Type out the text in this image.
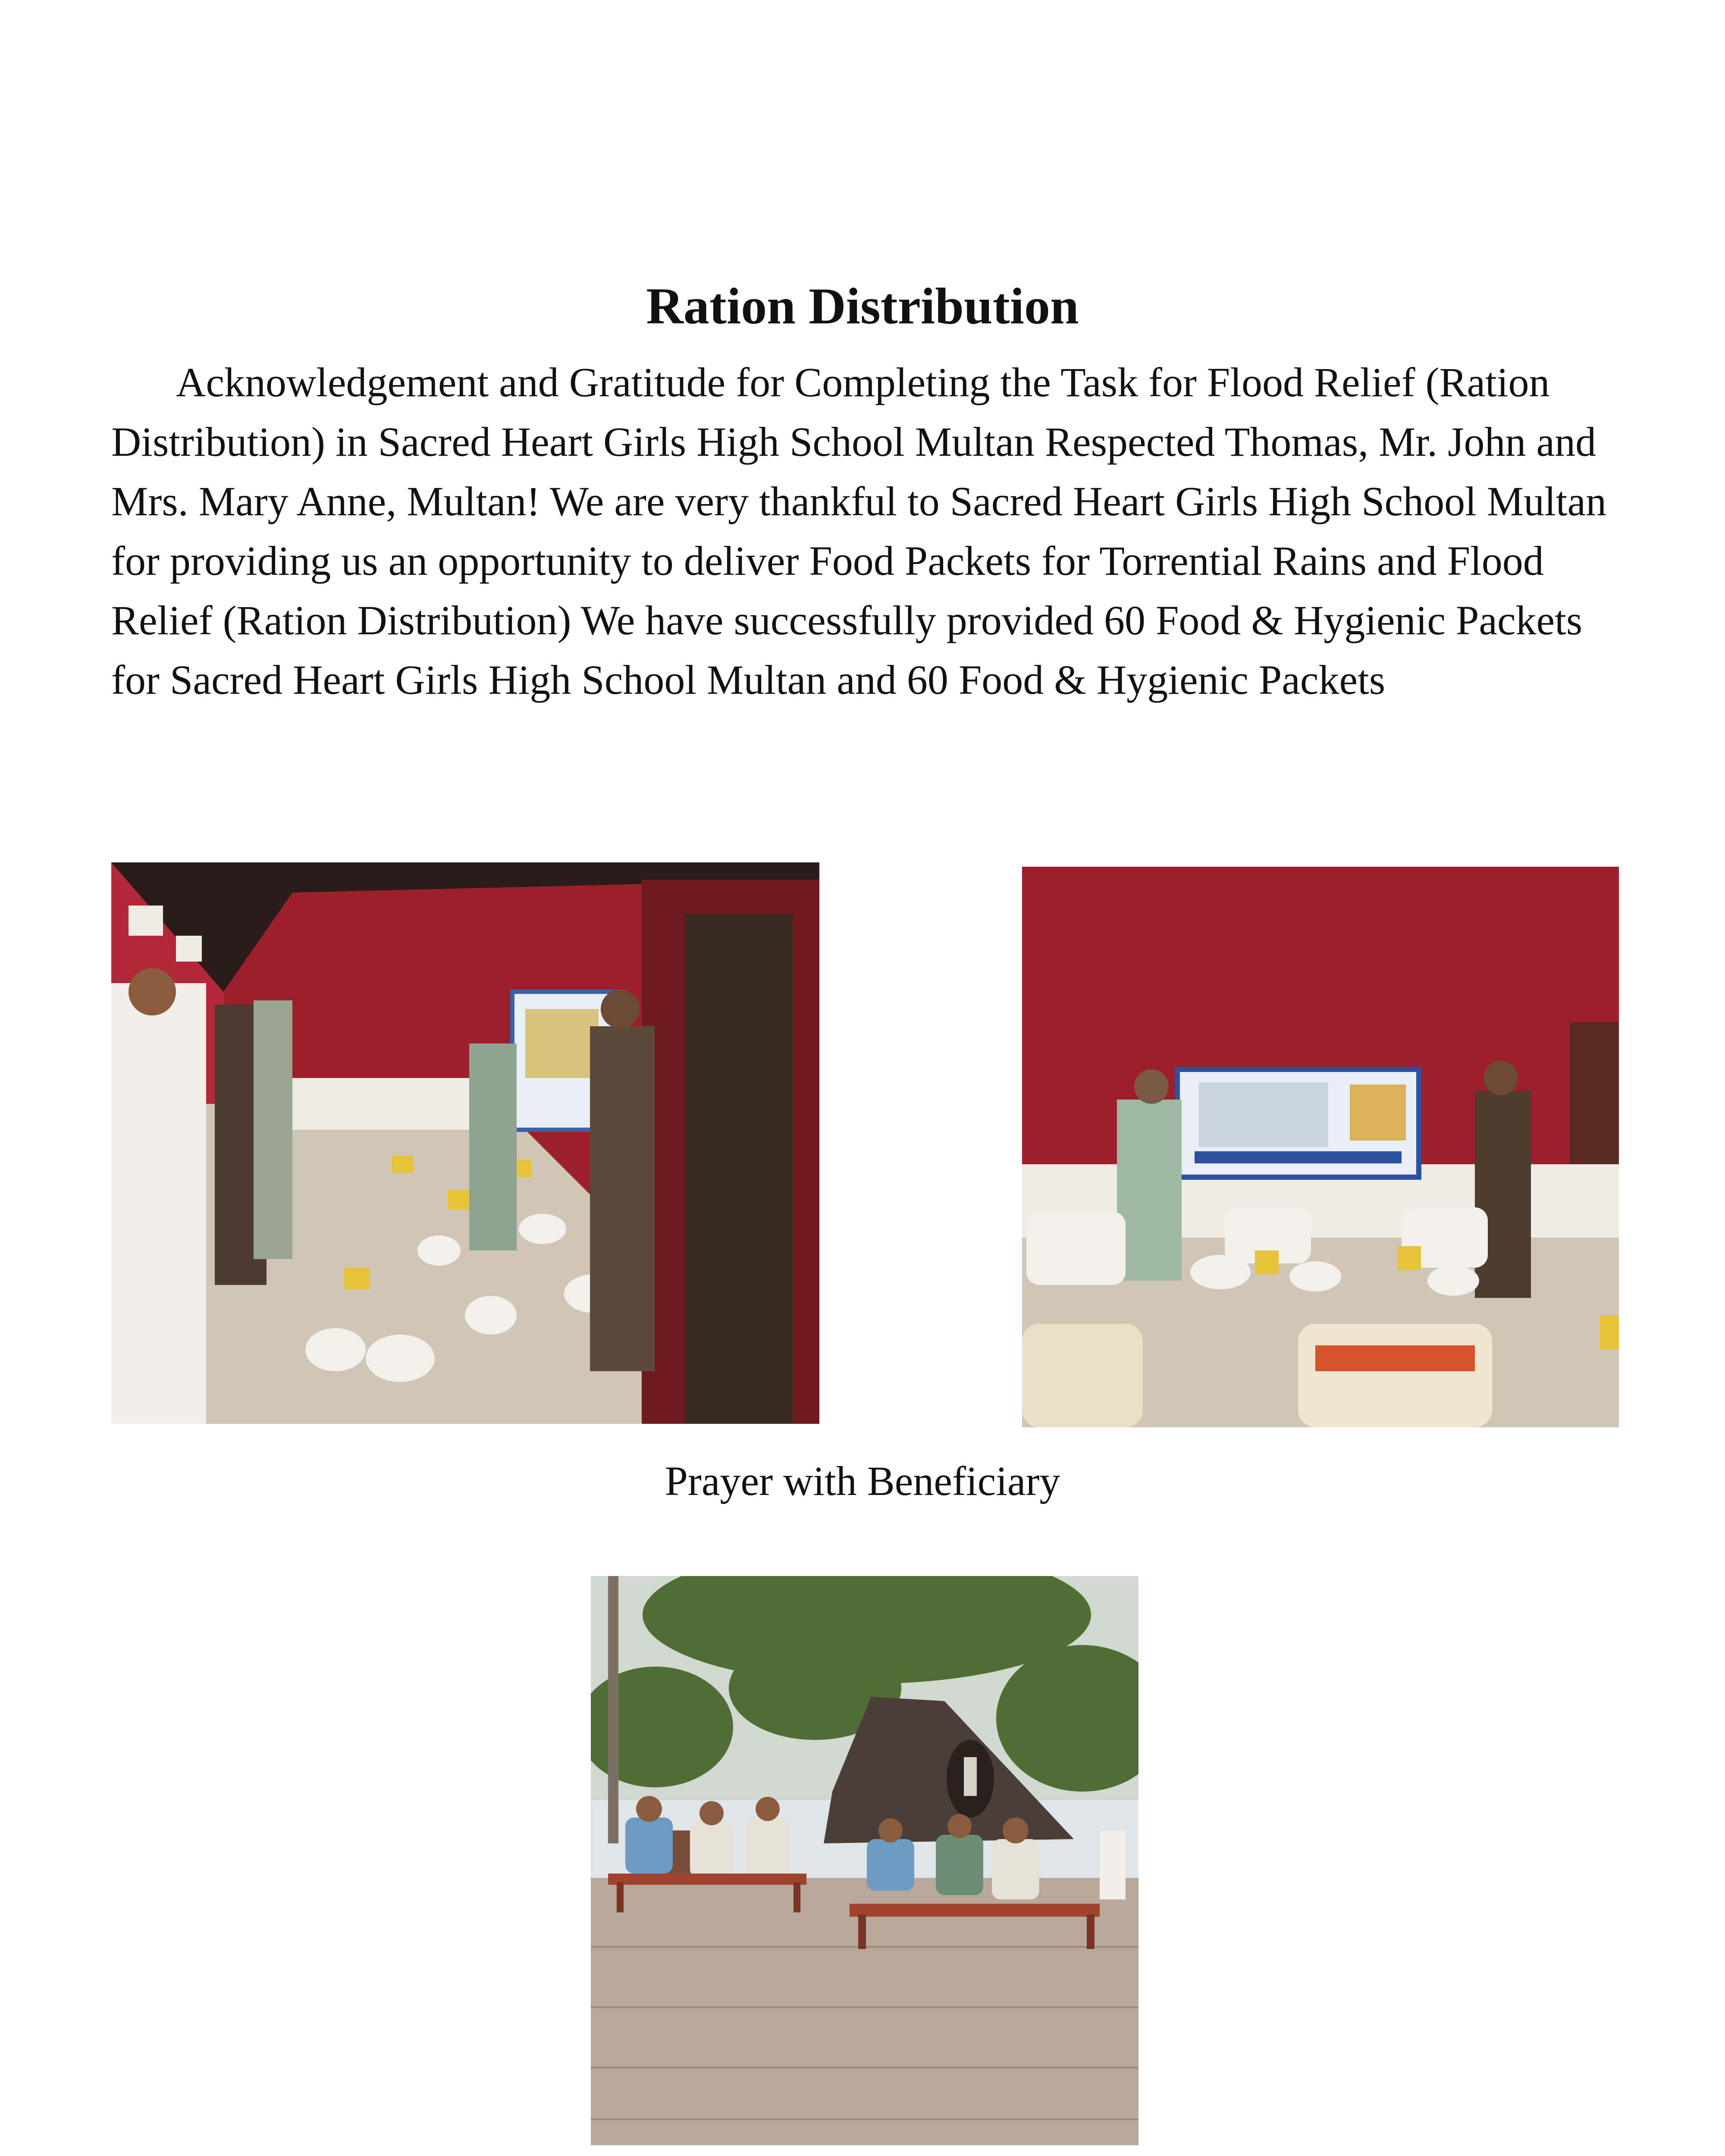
Ration Distribution

Acknowledgement and Gratitude for Completing the Task for Flood Relief (Ration Distribution) in Sacred Heart Girls High School Multan Respected Thomas, Mr. John and Mrs. Mary Anne, Multan! We are very thankful to Sacred Heart Girls High School Multan for providing us an opportunity to deliver Food Packets for Torrential Rains and Flood Relief (Ration Distribution) We have successfully provided 60 Food & Hygienic Packets for Sacred Heart Girls High School Multan and 60 Food & Hygienic Packets

Prayer with Beneficiary
